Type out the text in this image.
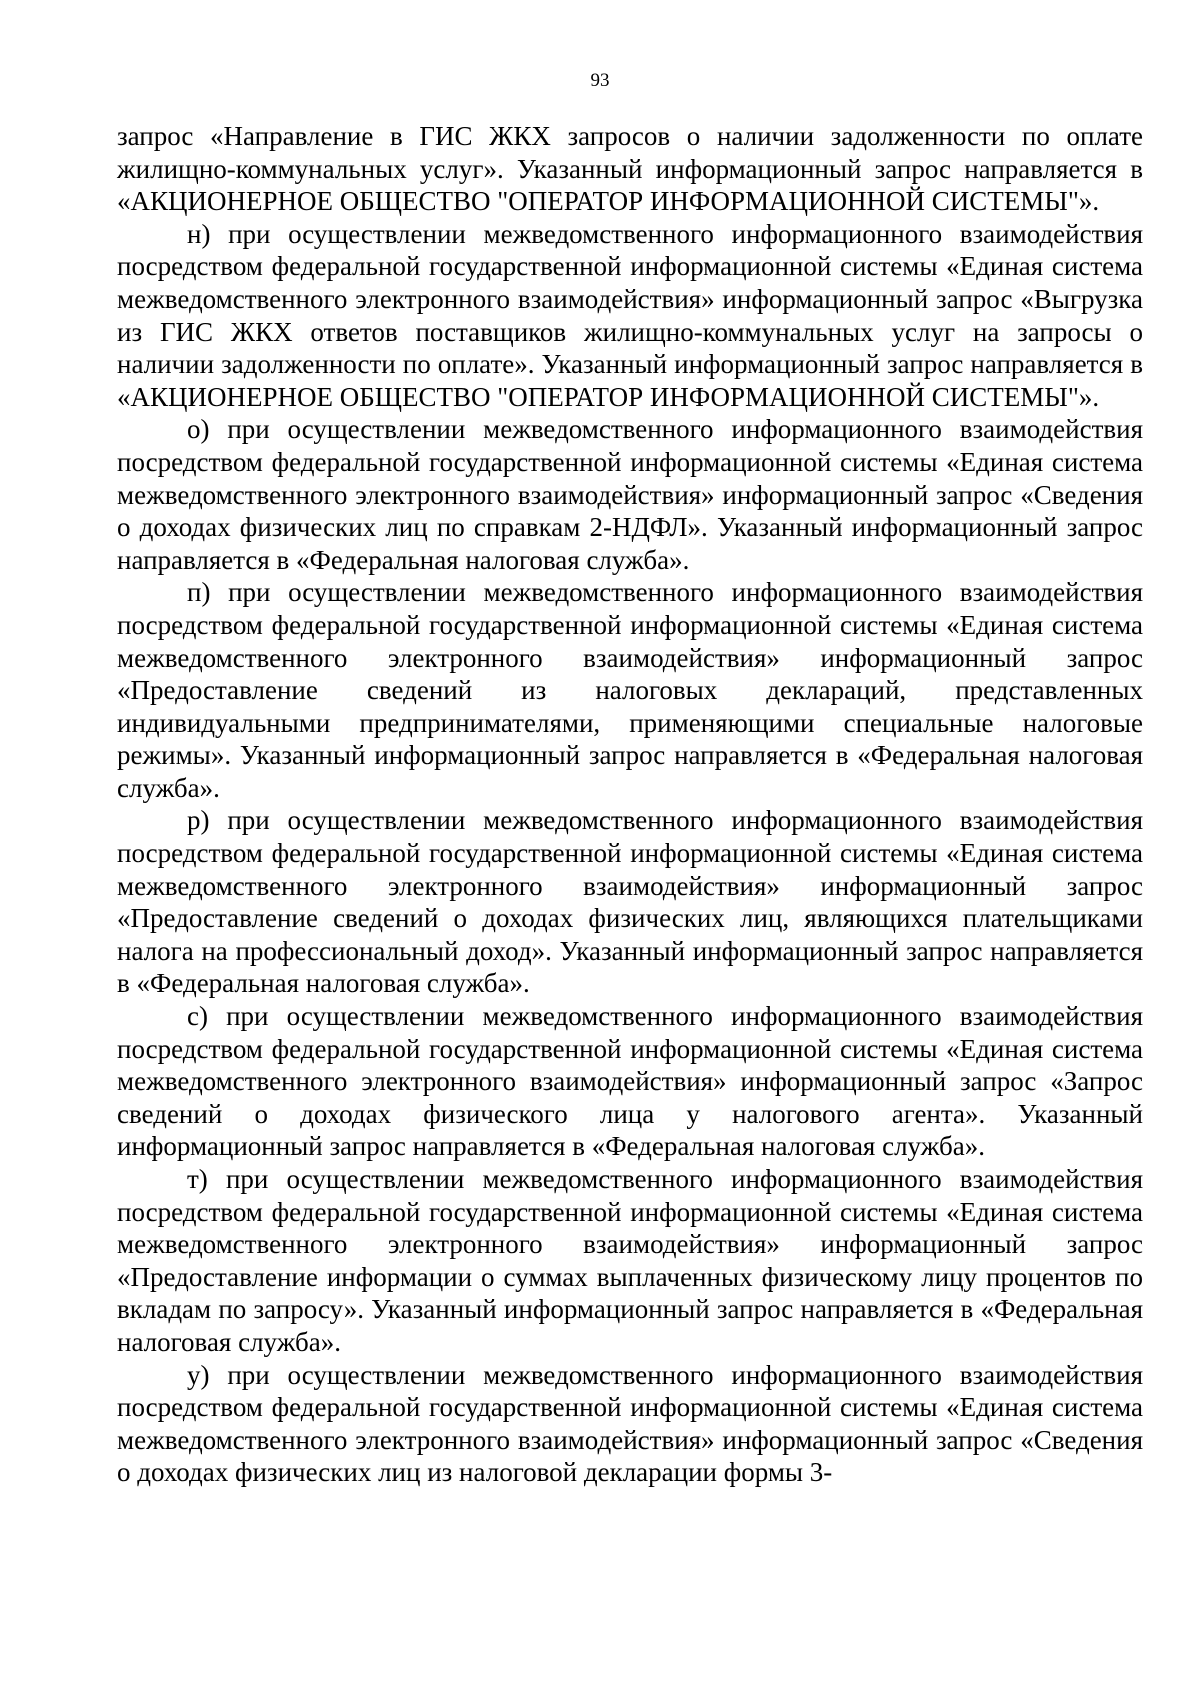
93

запрос «Направление в ГИС ЖКХ запросов о наличии задолженности по оплате жилищно-коммунальных услуг». Указанный информационный запрос направляется в «АКЦИОНЕРНОЕ ОБЩЕСТВО "ОПЕРАТОР ИНФОРМАЦИОННОЙ СИСТЕМЫ"».

н) при осуществлении межведомственного информационного взаимодействия посредством федеральной государственной информационной системы «Единая система межведомственного электронного взаимодействия» информационный запрос «Выгрузка из ГИС ЖКХ ответов поставщиков жилищно-коммунальных услуг на запросы о наличии задолженности по оплате». Указанный информационный запрос направляется в «АКЦИОНЕРНОЕ ОБЩЕСТВО "ОПЕРАТОР ИНФОРМАЦИОННОЙ СИСТЕМЫ"».

о) при осуществлении межведомственного информационного взаимодействия посредством федеральной государственной информационной системы «Единая система межведомственного электронного взаимодействия» информационный запрос «Сведения о доходах физических лиц по справкам 2-НДФЛ». Указанный информационный запрос направляется в «Федеральная налоговая служба».

п) при осуществлении межведомственного информационного взаимодействия посредством федеральной государственной информационной системы «Единая система межведомственного электронного взаимодействия» информационный запрос «Предоставление сведений из налоговых деклараций, представленных индивидуальными предпринимателями, применяющими специальные налоговые режимы». Указанный информационный запрос направляется в «Федеральная налоговая служба».

р) при осуществлении межведомственного информационного взаимодействия посредством федеральной государственной информационной системы «Единая система межведомственного электронного взаимодействия» информационный запрос «Предоставление сведений о доходах физических лиц, являющихся плательщиками налога на профессиональный доход». Указанный информационный запрос направляется в «Федеральная налоговая служба».

с) при осуществлении межведомственного информационного взаимодействия посредством федеральной государственной информационной системы «Единая система межведомственного электронного взаимодействия» информационный запрос «Запрос сведений о доходах физического лица у налогового агента». Указанный информационный запрос направляется в «Федеральная налоговая служба».

т) при осуществлении межведомственного информационного взаимодействия посредством федеральной государственной информационной системы «Единая система межведомственного электронного взаимодействия» информационный запрос «Предоставление информации о суммах выплаченных физическому лицу процентов по вкладам по запросу». Указанный информационный запрос направляется в «Федеральная налоговая служба».

у) при осуществлении межведомственного информационного взаимодействия посредством федеральной государственной информационной системы «Единая система межведомственного электронного взаимодействия» информационный запрос «Сведения о доходах физических лиц из налоговой декларации формы 3-
